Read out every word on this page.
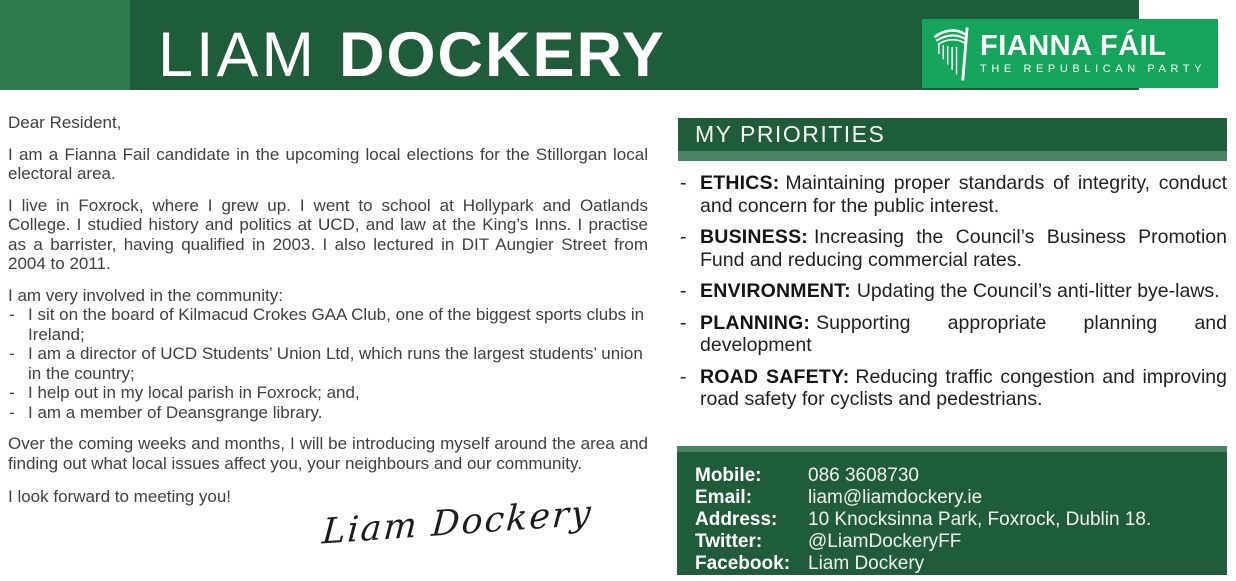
LIAM DOCKERY	FIANNA FÁIL
THE REPUBLICAN PARTY

Dear Resident,

I am a Fianna Fail candidate in the upcoming local elections for the Stillorgan local electoral area.

I live in Foxrock, where I grew up. I went to school at Hollypark and Oatlands College. I studied history and politics at UCD, and law at the King’s Inns. I practise as a barrister, having qualified in 2003. I also lectured in DIT Aungier Street from 2004 to 2011.

I am very involved in the community:

- I sit on the board of Kilmacud Crokes GAA Club, one of the biggest sports clubs in Ireland;
- I am a director of UCD Students’ Union Ltd, which runs the largest students’ union in the country;
- I help out in my local parish in Foxrock; and,
- I am a member of Deansgrange library.

Over the coming weeks and months, I will be introducing myself around the area and finding out what local issues affect you, your neighbours and our community.

I look forward to meeting you!	Liam Dockery
MY PRIORITIES
- ETHICS: Maintaining proper standards of integrity, conduct and concern for the public interest.
- BUSINESS: Increasing the Council’s Business Promotion Fund and reducing commercial rates.
- ENVIRONMENT: Updating the Council’s anti-litter bye-laws.
- PLANNING: Supporting appropriate planning and development
- ROAD SAFETY: Reducing traffic congestion and improving road safety for cyclists and pedestrians.
Mobile:	086 3608730
Email:	liam@liamdockery.ie
Address:	10 Knocksinna Park, Foxrock, Dublin 18.
Twitter:	@LiamDockeryFF
Facebook: Liam Dockery
